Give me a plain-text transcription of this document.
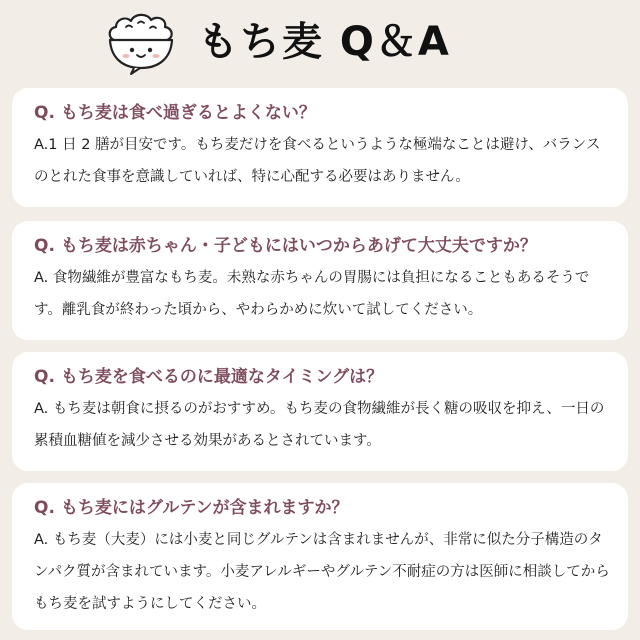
もち麦 Q＆A
Q. もち麦は食べ過ぎるとよくない？
A.1 日 2 膳が目安です。もち麦だけを食べるというような極端なことは避け、バランスのとれた食事を意識していれば、特に心配する必要はありません。
Q. もち麦は赤ちゃん・子どもにはいつからあげて大丈夫ですか？
A. 食物繊維が豊富なもち麦。未熟な赤ちゃんの胃腸には負担になることもあるそうです。離乳食が終わった頃から、やわらかめに炊いて試してください。
Q. もち麦を食べるのに最適なタイミングは？
A. もち麦は朝食に摂るのがおすすめ。もち麦の食物繊維が長く糖の吸収を抑え、一日の累積血糖値を減少させる効果があるとされています。
Q. もち麦にはグルテンが含まれますか？
A. もち麦（大麦）には小麦と同じグルテンは含まれませんが、非常に似た分子構造のタンパク質が含まれています。小麦アレルギーやグルテン不耐症の方は医師に相談してからもち麦を試すようにしてください。
